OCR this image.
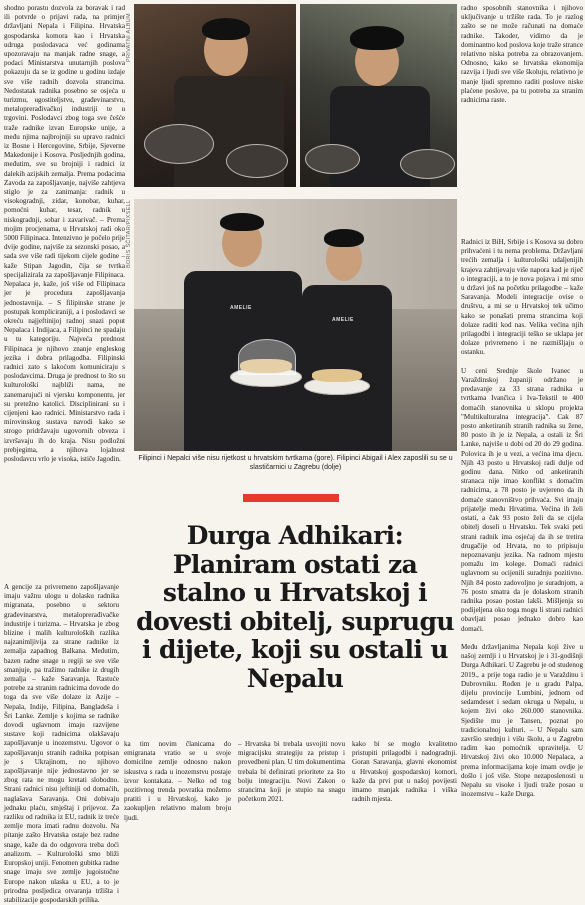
AMELIE
AMELIE
PRIVATNI ALBUM	PRIVATNI ALBUM
BORIS ŠČITAR/PIXSELL
Filipinci i Nepalci više nisu rijetkost u hrvatskim tvrtkama (gore). Filipinci Abigail i Alex zaposlili su se u slastičarnici u Zagrebu (dolje)
Durga Adhikari: Planiram ostati za stalno u Hrvatskoj i dovesti obitelj, suprugu i dijete, koji su ostali u Nepalu

shodno porastu dozvola za boravak i rad ili potvrde o prijavi rada, na primjer državljani Nepala i Filipina. Hrvatska gospodarska komora kao i Hrvatska udruga poslodavaca već godinama upozoravaju na manjak radne snage, a podaci Ministarstva unutarnjih poslova pokazuju da se iz godine u godinu izdaje sve više radnih dozvola strancima. Nedostatak radnika posebno se osjeća u turizmu, ugostiteljstvu, građevinarstvu, metaloprerađivačkoj industriji te u trgovini. Poslodavci zbog toga sve češće traže radnike izvan Europske unije, a među njima najbrojniji su upravo radnici iz Bosne i Hercegovine, Srbije, Sjeverne Makedonije i Kosova. Posljednjih godina, međutim, sve su brojniji i radnici iz dalekih azijskih zemalja. Prema podacima Zavoda za zapošljavanje, najviše zahtjeva stiglo je za zanimanja: radnik u visokogradnji, zidar, konobar, kuhar, pomoćni kuhar, tesar, radnik u niskogradnji, sobar i zavarivač. – Prema mojim procjenama, u Hrvatskoj radi oko 5000 Filipinaca. Intenzivno je počelo prije dvije godine, najviše za sezonski posao, a sada sve više radi tijekom cijele godine – kaže Stipan Jagodin, čija se tvrtka specijalizirala za zapošljavanje Filipinaca. Nepalaca je, kaže, još više od Filipinaca jer je procedura zapošljavanja jednostavnija. – S filipinske strane je postupak kompliciraniji, a i poslodavci se okreću najjeftinijoj radnoj snazi poput Nepalaca i Indijaca, a Filipinci ne spadaju u tu kategoriju. Najveća prednost Filipinaca je njihovo znanje engleskog jezika i dobra prilagodba. Filipinski radnici zato s lakoćom komuniciraju s poslodavcima. Druga je prednost to što su kulturološki najbliži nama, ne zanemarujući ni vjersku komponentu, jer su pretežno katolici. Disciplinirani su i cijenjeni kao radnici. Ministarstvo rada i mirovinskog sustava navodi kako se strogo pridržavaju ugovornih obveza i izvršavaju ih do kraja. Nisu podložni prebjegima, a njihova lojalnost poslodavcu vrlo je visoka, ističe Jagodin.

radno sposobnih stanovnika i njihovo uključivanje u tržište rada. To je razlog zašto se ne može računati na domaće radnike. Takoder, vidimo da je dominantno kod poslova koje traže strance relativno niska potreba za obrazovanjem. Odnosno, kako se hrvatska ekonomija razvija i ljudi sve više školuju, relativno je manje ljudi spremno raditi poslove niske plaćene poslove, pa tu potreba za stranim radnicima raste.

Radnici iz BiH, Srbije i s Kosova su dobro prihvaćeni i tu nema problema. Državljani trećih zemalja i kulturološki udaljenijih krajeva zahtijevaju više napora kad je riječ o integraciji, a to je nova pojava i mi smo u državi još na početku prilagodbe – kaže Saravanja. Modeli integracije ovise o društvu, a mi se u Hrvatskoj tek učimo kako se ponašati prema strancima koji dolaze raditi kod nas. Velika većina njih prilagodbi i integraciji teško se uklapa jer dolaze privremeno i ne razmišljaju o ostanku.

U ceni Srednje škole Ivanec u Varaždinskoj županiji održano je predavanje za 33 strana radnika u tvrtkama Ivančica i Iva-Tekstil te 400 domaćih stanovnika u sklopu projekta "Multikulturalna integracija". Cak 87 posto anketiranih stranih radnika su žene, 80 posto ih je iz Nepala, a ostali iz Šri Lanke, najviše u dobi od 20 do 29 godina. Polovica ih je u vezi, a većina ima djecu. Njih 43 posto u Hrvatskoj radi dulje od godinu dana. Nitko od anketiranih stranaca nije imao konflikt s domaćim radnicima, a 78 posto je uvjereno da ih domaće stanovništvo prihvaća. Svi imaju prijatelje među Hrvatima. Većina ih želi ostati, a čak 93 posto želi da se cijela obitelj doseli u Hrvatsku. Tek svaki peti strani radnik ima osjećaj da ih se tretira drugačije od Hrvata, no to pripisuju nepoznavanju jezika. Na radnom mjestu pomažu im kolege. Domaći radnici uglavnom su ocijenili suradnju pozitivno. Njih 84 posto zadovoljno je suradnjom, a 76 posto smatra da je dolaskom stranih radnika posao postao lakši. Mišljenja su podijeljena oko toga mogu li strani radnici obavljati posao jednako dobro kao domaći.

Među državljanima Nepala koji žive u našoj zemlji i u Hrvatskoj je i 31-godišnji Durga Adhikari. U Zagrebu je od studenog 2019., a prije toga radio je u Varaždinu i Dubrovniku. Rođen je u gradu Palpa, dijelu provincije Lumbini, jednom od sedamdeset i sedam okruga u Nepalu, u kojem živi oko 260.000 stanovnika. Sjedište mu je Tansen, poznat po tradicionalnoj kulturi. – U Nepalu sam završio srednju i višu školu, a u Zagrebu radim kao pomoćnik upravitelja. U Hrvatskoj živi oko 10.000 Nepalaca, a prema informacijama koje imam ovdje je došlo i još više. Stope nezaposlenosti u Nepalu su visoke i ljudi traže posao u inozemstvu – kaže Durga.

A gencije za privremeno zapošljavanje imaju važnu ulogu u dolasku radnika migranata, posebno u sektoru građevinarstva, metaloprerađivačke industrije i turizma. – Hrvatska je zbog blizine i malih kulturoloških razlika najzanimljivija za strane radnike iz zemalja zapadnog Balkana. Međutim, bazen radne snage u regiji se sve više smanjuje, pa tražimo radnike iz drugih zemalja – kaže Saravanja. Rastuće potrebe za stranim radnicima dovode do toga da sve više dolaze iz Azije – Nepala, Indije, Filipina, Bangladeša i Šri Lanke. Zemlje s kojima se radnike dovodi uglavnom imaju razvijene sustave koji radnicima olakšavaju zapošljavanje u inozemstvu. Ugovor o zapošljavanju stranih radnika potpisan je s Ukrajinom, no njihovo zapošljavanje nije jednostavno jer se zbog rata ne mogu kretati slobodno. Strani radnici nisu jeftiniji od domaćih, naglašava Saravanja. Oni dobivaju jednaku plaću, smještaj i prijevoz. Za razliku od radnika iz EU, radnik iz treće zemlje mora imati radnu dozvolu. Na pitanje zašto Hrvatska ostaje bez radne snage, kaže da do odgovora treba doći analizom. – Kulturološki smo bliži Europskoj uniji. Fenomen gubitka radne snage imaju sve zemlje jugoistočne Europe nakon ulaska u EU, a to je prirodna posljedica otvaranja tržišta i stabilizacije gospodarskih prilika.

ka tim novim članicama do emigranata vratio se u svoje domicilne zemlje odnosno nakon iskustva s rada u inozemstvu postaje izvor kontakata. – Nelko od tog pozitivnog trenda povratka možemo pratiti i u Hrvatskoj, kako je zaokupljen relativno malom broju ljudi.

– Hrvatska bi trebala usvojiti novu migracijsku strategiju za pristup i provedbeni plan. U tim dokumentima trebala bi definirati prioritete za što bolju integraciju. Novi Zakon o strancima koji je stupio na snagu početkom 2021.

kako bi se moglo kvalitetno pristupiti prilagodbi i nadogradnji. Goran Saravanja, glavni ekonomist u Hrvatskoj gospodarskoj komori, kaže da prvi put u našoj povijesti imamo manjak radnika i viška radnih mjesta.
